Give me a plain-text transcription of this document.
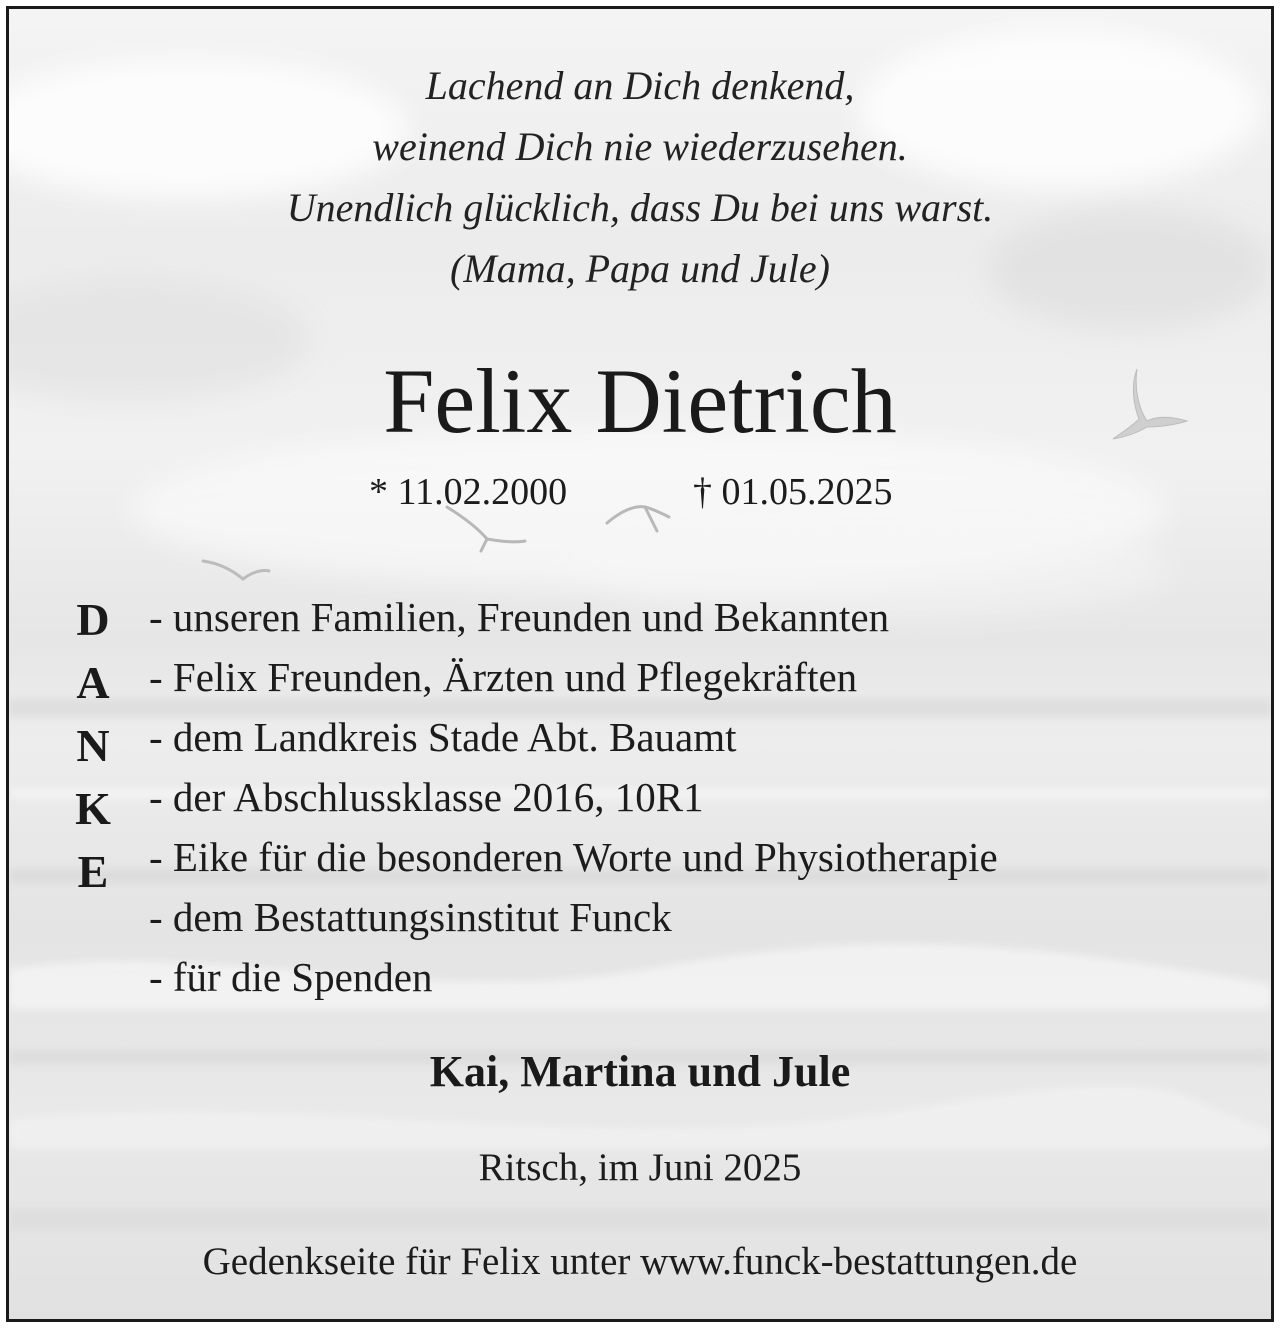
Lachend an Dich denkend,
weinend Dich nie wiederzusehen.
Unendlich glücklich, dass Du bei uns warst.
(Mama, Papa und Jule)
Felix Dietrich
* 11.02.2000	† 01.05.2025
D
A
N
K
E
- unseren Familien, Freunden und Bekannten
- Felix Freunden, Ärzten und Pflegekräften
- dem Landkreis Stade Abt. Bauamt
- der Abschlussklasse 2016, 10R1
- Eike für die besonderen Worte und Physiotherapie
- dem Bestattungsinstitut Funck
- für die Spenden
Kai, Martina und Jule
Ritsch, im Juni 2025
Gedenkseite für Felix unter www.funck-bestattungen.de
